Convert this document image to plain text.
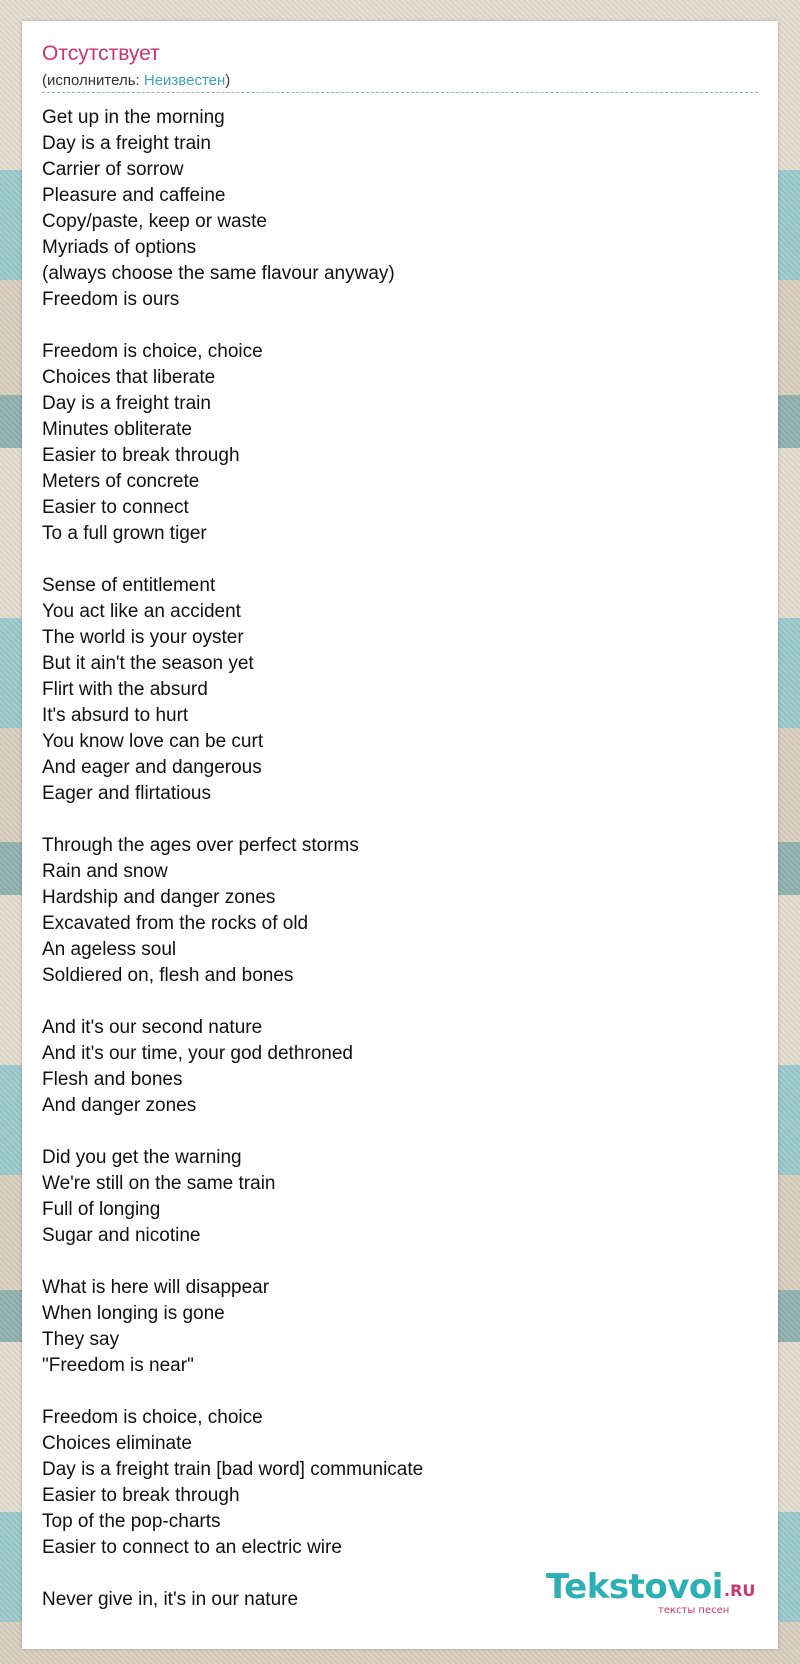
Отсутствует
(исполнитель: Неизвестен)
Get up in the morning
Day is a freight train
Carrier of sorrow
Pleasure and caffeine
Copy/paste, keep or waste
Myriads of options
(always choose the same flavour anyway)
Freedom is ours
Freedom is choice, choice
Choices that liberate
Day is a freight train
Minutes obliterate
Easier to break through
Meters of concrete
Easier to connect
To a full grown tiger
Sense of entitlement
You act like an accident
The world is your oyster
But it ain't the season yet
Flirt with the absurd
It's absurd to hurt
You know love can be curt
And eager and dangerous
Eager and flirtatious
Through the ages over perfect storms
Rain and snow
Hardship and danger zones
Excavated from the rocks of old
An ageless soul
Soldiered on, flesh and bones
And it's our second nature
And it's our time, your god dethroned
Flesh and bones
And danger zones
Did you get the warning
We're still on the same train
Full of longing
Sugar and nicotine
What is here will disappear
When longing is gone
They say
"Freedom is near"
Freedom is choice, choice
Choices eliminate
Day is a freight train [bad word] communicate
Easier to break through
Top of the pop-charts
Easier to connect to an electric wire
Never give in, it's in our nature	Tekstovoi .RU
тексты песен
